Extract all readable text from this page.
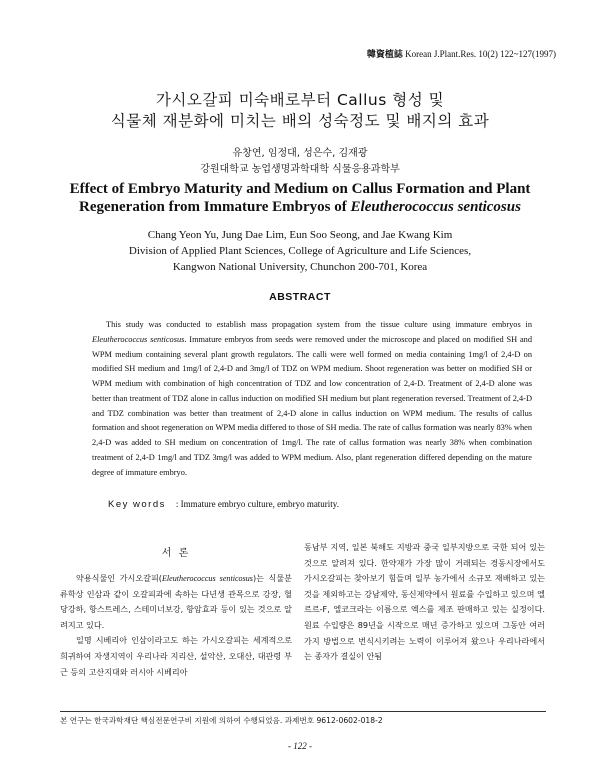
韓資植誌 Korean J.Plant.Res. 10(2) 122~127(1997)
가시오갈피 미숙배로부터 Callus 형성 및
식물체 재분화에 미치는 배의 성숙정도 및 배지의 효과
유창연, 임정대, 성은수, 김재광
강원대학교 농업생명과학대학 식물응용과학부
Effect of Embryo Maturity and Medium on Callus Formation and Plant
Regeneration from Immature Embryos of Eleutherococcus senticosus
Chang Yeon Yu, Jung Dae Lim, Eun Soo Seong, and Jae Kwang Kim
Division of Applied Plant Sciences, College of Agriculture and Life Sciences,
Kangwon National University, Chunchon 200-701, Korea
ABSTRACT

This study was conducted to establish mass propagation system from the tissue culture using immature embryos in Eleutherococcus senticosus. Immature embryos from seeds were removed under the microscope and placed on modified SH and WPM medium containing several plant growth regulators. The calli were well formed on media containing 1mg/l of 2,4-D on modified SH medium and 1mg/l of 2,4-D and 3mg/l of TDZ on WPM medium. Shoot regeneration was better on modified SH or WPM medium with combination of high concentration of TDZ and low concentration of 2,4-D. Treatment of 2,4-D alone was better than treatment of TDZ alone in callus induction on modified SH medium but plant regeneration reversed. Treatment of 2,4-D and TDZ combination was better than treatment of 2,4-D alone in callus induction on WPM medium. The results of callus formation and shoot regeneration on WPM media differed to those of SH media. The rate of callus formation was nearly 83% when 2,4-D was added to SH medium on concentration of 1mg/l. The rate of callus formation was nearly 38% when combination treatment of 2,4-D 1mg/l and TDZ 3mg/l was added to WPM medium. Also, plant regeneration differed depending on the mature degree of immature embryo.

Key words : Immature embryo culture, embryo maturity.
서 론

약용식물인 가시오갈피(Eleutherococcus senticosus)는 식물분류학상 인삼과 같이 오갈피과에 속하는 다년생 관목으로 강장, 혈당강하, 항스트레스, 스테미너보강, 항암효과 등이 있는 것으로 알려지고 있다.

일명 시베리아 인삼이라고도 하는 가시오갈피는 세계적으로 희귀하여 자생지역이 우리나라 지리산, 설악산, 오대산, 대관령 부근 등의 고산지대와 러시아 시베리아

동남부 지역, 일본 북해도 지방과 중국 일부지방으로 국한 되어 있는 것으로 알려져 있다. 한약재가 가장 많이 거래되는 경동시장에서도 가시오갈피는 찾아보기 힘들며 일부 농가에서 소규모 재배하고 있는 것을 제외하고는 강남제약, 동신제약에서 원료를 수입하고 있으며 엘르르-F, 엘코크라는 이름으로 엑스를 제조 판매하고 있는 실정이다. 원료 수입량은 89년을 시작으로 매년 증가하고 있으며 그동안 여러가지 방법으로 번식시키려는 노력이 이루어져 왔으나 우리나라에서는 종자가 결실이 안됨

본 연구는 한국과학재단 핵심전문연구비 지원에 의하여 수행되었음. 과제번호 9612-0602-018-2
- 122 -
